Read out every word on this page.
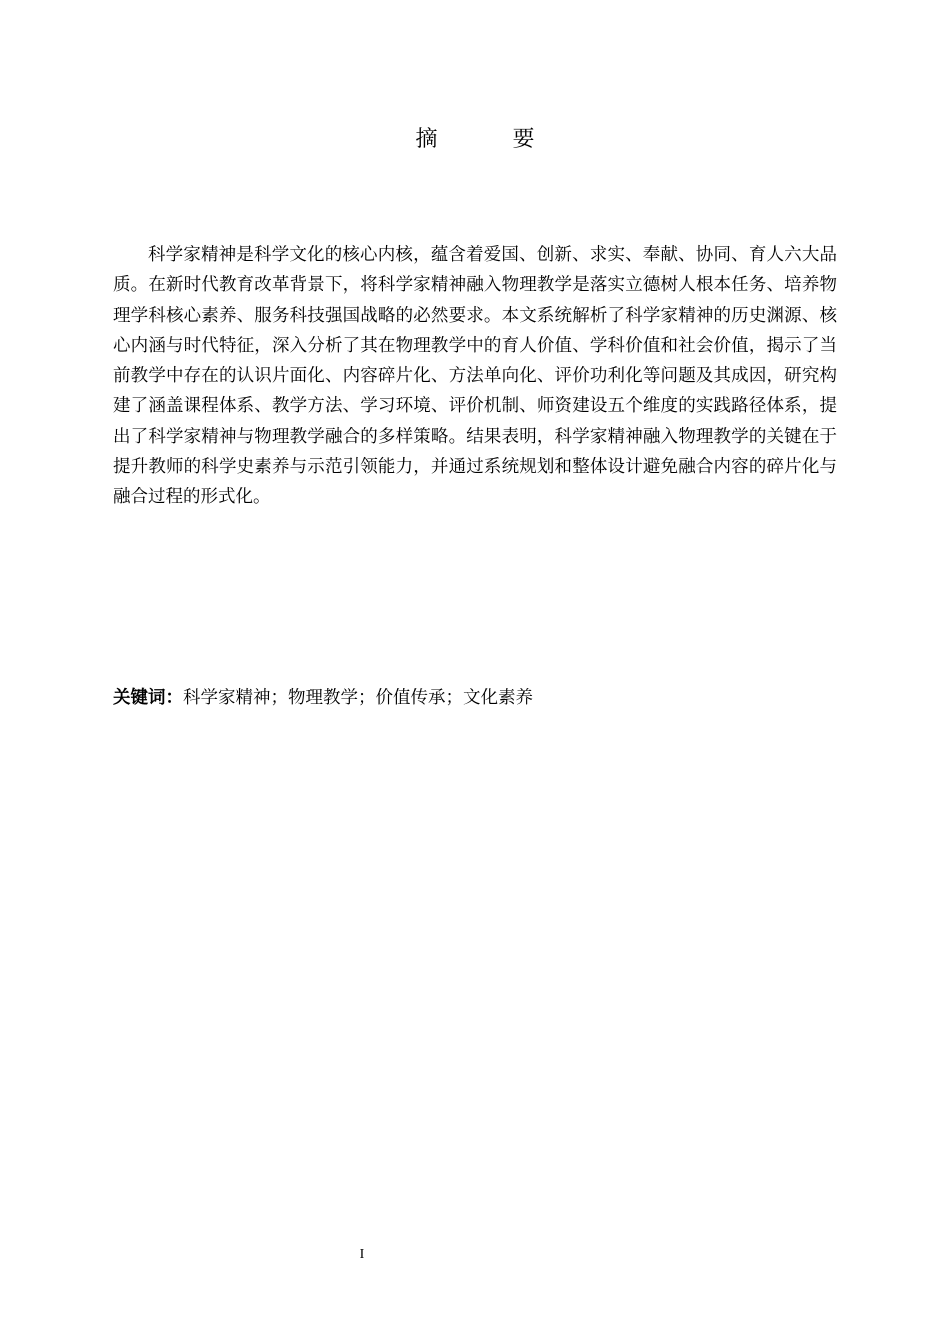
摘 要

科学家精神是科学文化的核心内核，蕴含着爱国、创新、求实、奉献、协同、育人六大品质。在新时代教育改革背景下，将科学家精神融入物理教学是落实立德树人根本任务、培养物理学科核心素养、服务科技强国战略的必然要求。本文系统解析了科学家精神的历史渊源、核心内涵与时代特征，深入分析了其在物理教学中的育人价值、学科价值和社会价值，揭示了当前教学中存在的认识片面化、内容碎片化、方法单向化、评价功利化等问题及其成因，研究构建了涵盖课程体系、教学方法、学习环境、评价机制、师资建设五个维度的实践路径体系，提出了科学家精神与物理教学融合的多样策略。结果表明，科学家精神融入物理教学的关键在于提升教师的科学史素养与示范引领能力，并通过系统规划和整体设计避免融合内容的碎片化与融合过程的形式化。

关键词：科学家精神；物理教学；价值传承；文化素养

I
